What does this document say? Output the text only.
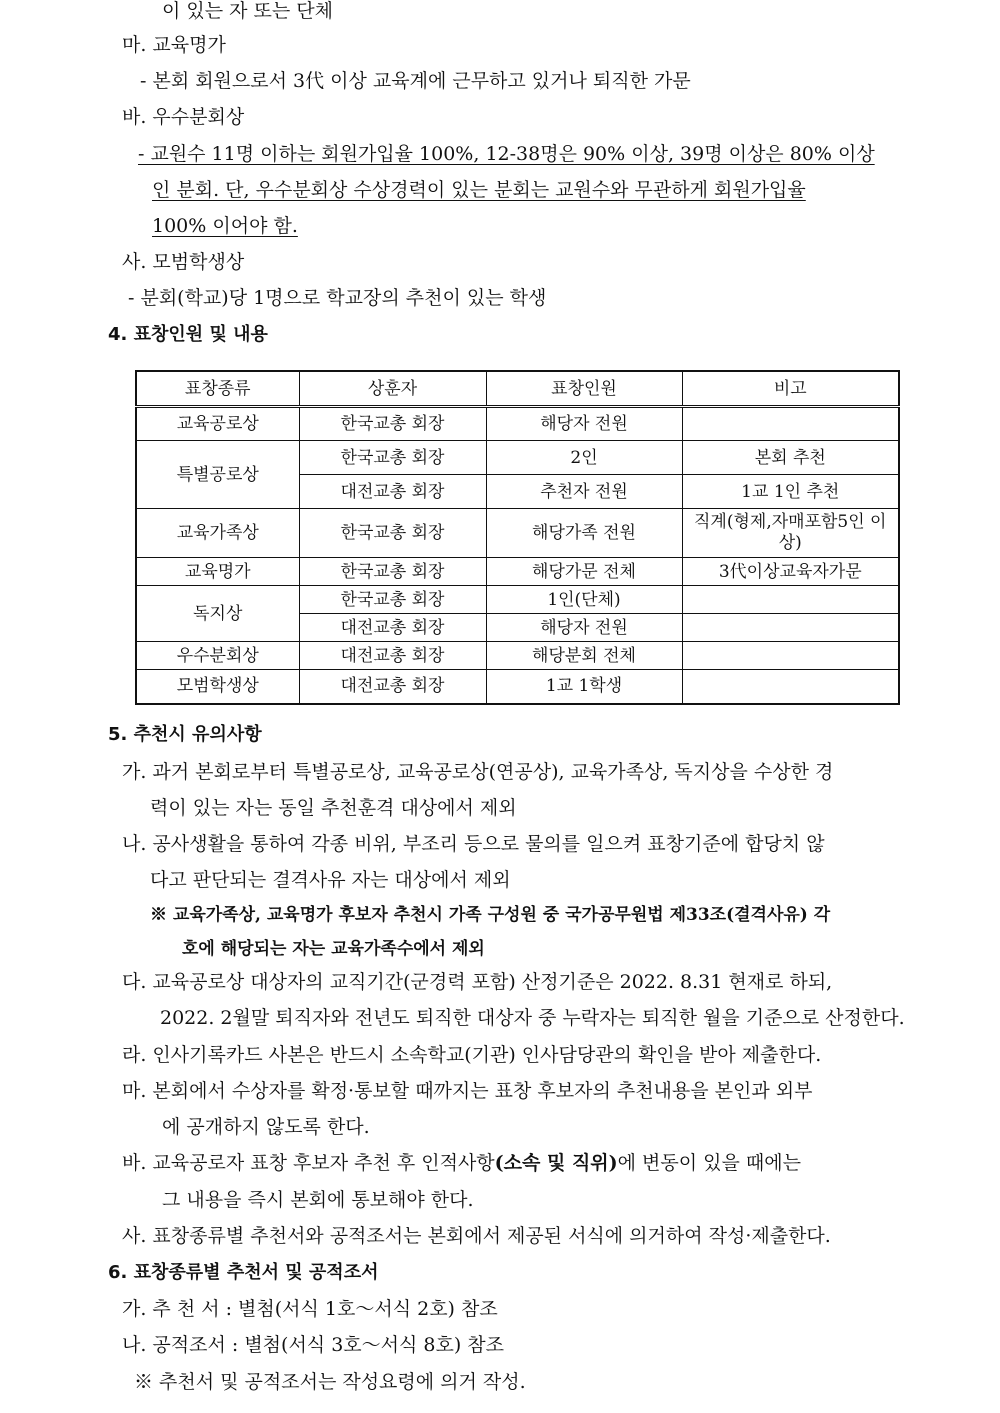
이 있는 자 또는 단체
마. 교육명가
- 본회 회원으로서 3代 이상 교육계에 근무하고 있거나 퇴직한 가문
바. 우수분회상
- 교원수 11명 이하는 회원가입율 100%, 12-38명은 90% 이상, 39명 이상은 80% 이상
인 분회. 단, 우수분회상 수상경력이 있는 분회는 교원수와 무관하게 회원가입율
100% 이어야 함.
사. 모범학생상
- 분회(학교)당 1명으로 학교장의 추천이 있는 학생
4. 표창인원 및 내용
표창종류	상훈자	표창인원	비고
교육공로상	한국교총 회장	해당자 전원	
특별공로상	한국교총 회장	2인	본회 추천
	대전교총 회장	추천자 전원	1교 1인 추천
교육가족상	한국교총 회장	해당가족 전원	직계(형제,자매포함5인 이상)
교육명가	한국교총 회장	해당가문 전체	3代이상교육자가문
독지상	한국교총 회장	1인(단체)	
	대전교총 회장	해당자 전원	
우수분회상	대전교총 회장	해당분회 전체	
모범학생상	대전교총 회장	1교 1학생	
5. 추천시 유의사항
가. 과거 본회로부터 특별공로상, 교육공로상(연공상), 교육가족상, 독지상을 수상한 경
력이 있는 자는 동일 추천훈격 대상에서 제외
나. 공사생활을 통하여 각종 비위, 부조리 등으로 물의를 일으켜 표창기준에 합당치 않
다고 판단되는 결격사유 자는 대상에서 제외
※ 교육가족상, 교육명가 후보자 추천시 가족 구성원 중 국가공무원법 제33조(결격사유) 각
호에 해당되는 자는 교육가족수에서 제외
다. 교육공로상 대상자의 교직기간(군경력 포함) 산정기준은 2022. 8.31 현재로 하되,
2022. 2월말 퇴직자와 전년도 퇴직한 대상자 중 누락자는 퇴직한 월을 기준으로 산정한다.
라. 인사기록카드 사본은 반드시 소속학교(기관) 인사담당관의 확인을 받아 제출한다.
마. 본회에서 수상자를 확정·통보할 때까지는 표창 후보자의 추천내용을 본인과 외부
에 공개하지 않도록 한다.
바. 교육공로자 표창 후보자 추천 후 인적사항(소속 및 직위)에 변동이 있을 때에는
그 내용을 즉시 본회에 통보해야 한다.
사. 표창종류별 추천서와 공적조서는 본회에서 제공된 서식에 의거하여 작성·제출한다.
6. 표창종류별 추천서 및 공적조서
가. 추 천 서 : 별첨(서식 1호～서식 2호) 참조
나. 공적조서 : 별첨(서식 3호～서식 8호) 참조
※ 추천서 및 공적조서는 작성요령에 의거 작성.
